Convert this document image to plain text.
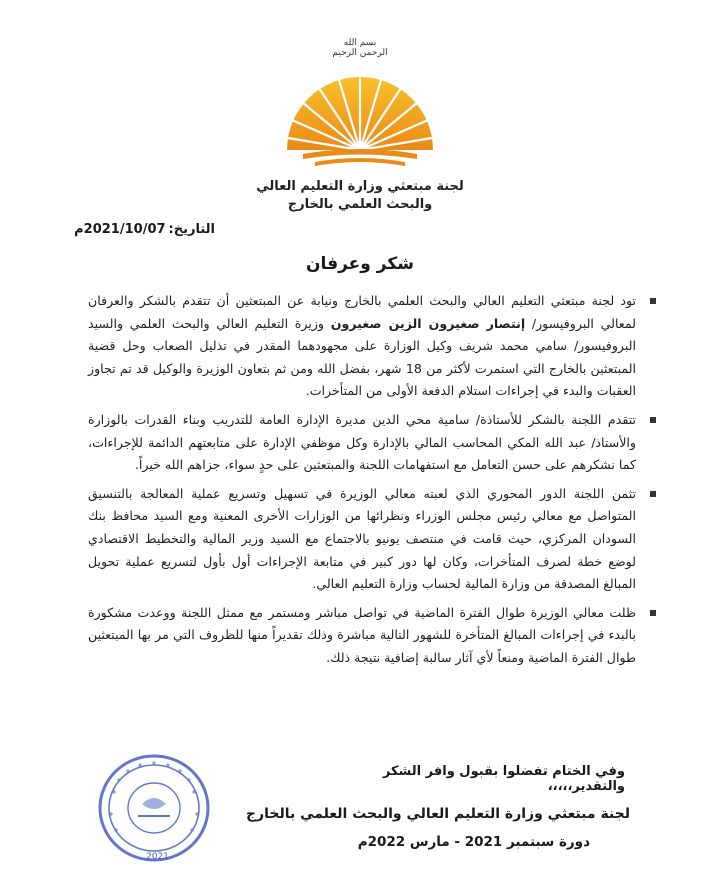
بسم الله الرحمن الرحيم
لجنة مبتعثي وزارة التعليم العالي
والبحث العلمي بالخارج
التاريخ:2021/10/07م
شكر وعرفان

تود لجنة مبتعثي التعليم العالي والبحث العلمي بالخارج ونيابة عن المبتعثين أن تتقدم بالشكر والعرفان لمعالي البروفيسور/ إنتصار صغيرون الزين صغيرون وزيرة التعليم العالي والبحث العلمي والسيد البروفيسور/ سامي محمد شريف وكيل الوزارة على مجهودهما المقدر في تذليل الصعاب وحل قضية المبتعثين بالخارج التي استمرت لأكثر من 18 شهر، بفضل الله ومن ثم بتعاون الوزيرة والوكيل قد تم تجاوز العقبات والبدء في إجراءات استلام الدفعة الأولى من المتأخرات.

تتقدم اللجنة بالشكر للأستاذة/ سامية محي الدين مديرة الإدارة العامة للتدريب وبناء القدرات بالوزارة والأستاذ/ عبد الله المكي المحاسب المالي بالإدارة وكل موظفي الإدارة على متابعتهم الدائمة للإجراءات، كما نشكرهم على حسن التعامل مع استفهامات اللجنة والمبتعثين على حدٍ سواء، جزاهم الله خيراً.

تثمن اللجنة الدور المحوري الذي لعبته معالي الوزيرة في تسهيل وتسريع عملية المعالجة بالتنسيق المتواصل مع معالي رئيس مجلس الوزراء ونظرائها من الوزارات الأخرى المعنية ومع السيد محافظ بنك السودان المركزي، حيث قامت في منتصف يونيو بالاجتماع مع السيد وزير المالية والتخطيط الاقتصادي لوضع خطة لصرف المتأخرات، وكان لها دور كبير في متابعة الإجراءات أول بأول لتسريع عملية تحويل المبالغ المصدقة من وزارة المالية لحساب وزارة التعليم العالي.

ظلت معالي الوزيرة طوال الفترة الماضية في تواصل مباشر ومستمر مع ممثل اللجنة ووعدت مشكورة بالبدء في إجراءات المبالغ المتأخرة للشهور التالية مباشرة وذلك تقديراً منها للظروف التي مر بها المبتعثين طوال الفترة الماضية ومنعاً لأي آثار سالبة إضافية نتيجة ذلك.

وفي الختام تفضلوا بقبول وافر الشكر والتقدير،،،،،
2021
لجنة مبتعثي وزارة التعليم العالي والبحث العلمي بالخارج
دورة سبتمبر 2021 - مارس 2022م
